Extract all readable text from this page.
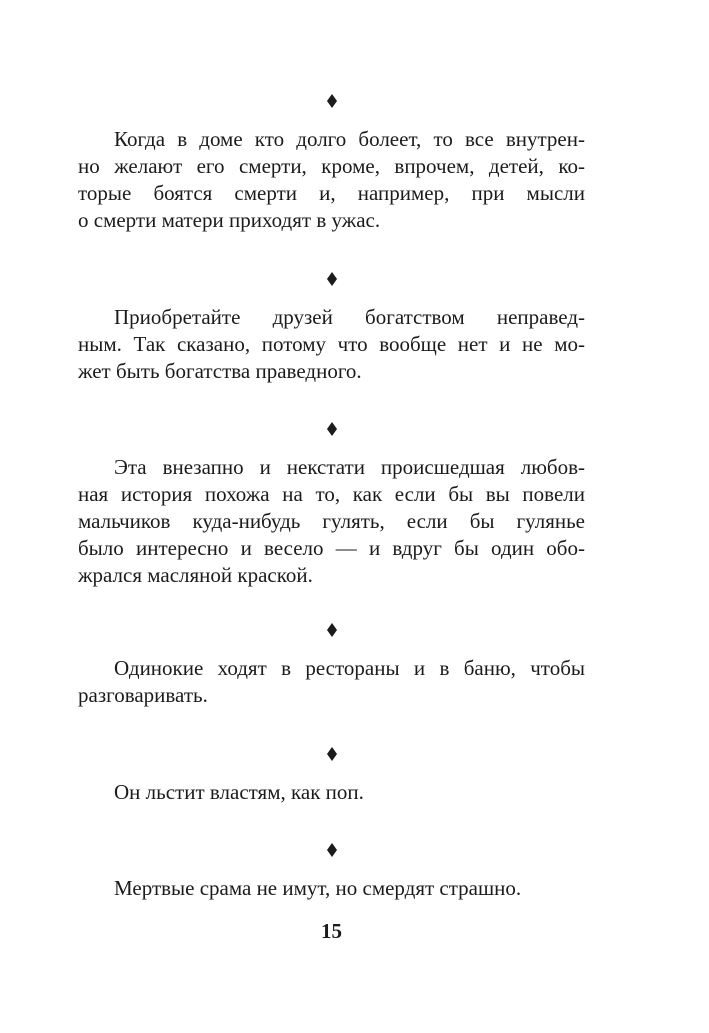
Когда в доме кто долго болеет, то все внутрен-
но желают его смерти, кроме, впрочем, детей, ко-
торые боятся смерти и, например, при мысли
о смерти матери приходят в ужас.
Приобретайте друзей богатством неправед-
ным. Так сказано, потому что вообще нет и не мо-
жет быть богатства праведного.
Эта внезапно и некстати происшедшая любов-
ная история похожа на то, как если бы вы повели
мальчиков куда-нибудь гулять, если бы гулянье
было интересно и весело — и вдруг бы один обо-
жрался масляной краской.
Одинокие ходят в рестораны и в баню, чтобы
разговаривать.
Он льстит властям, как поп.
Мертвые срама не имут, но смердят страшно.
15
